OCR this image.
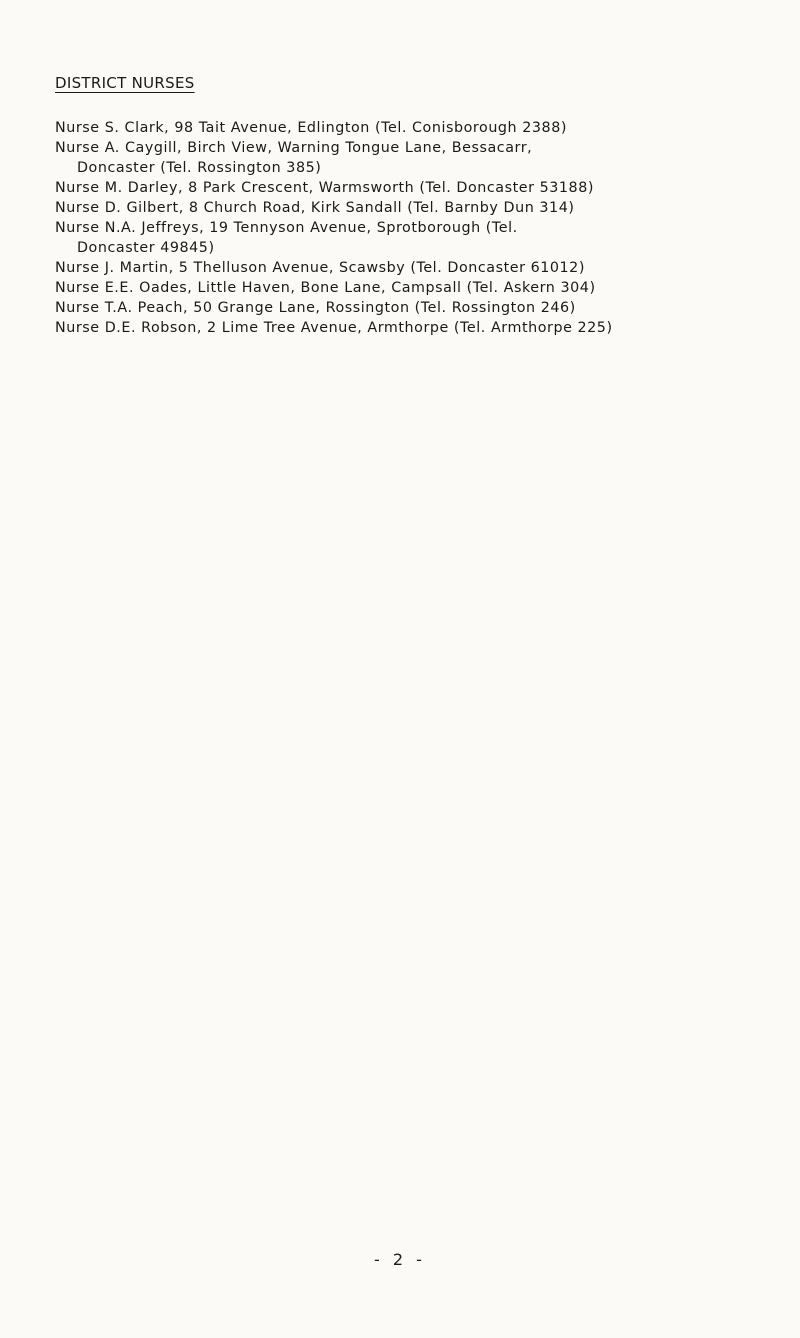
DISTRICT NURSES
Nurse S. Clark, 98 Tait Avenue, Edlington (Tel. Conisborough 2388)
Nurse A. Caygill, Birch View, Warning Tongue Lane, Bessacarr,
Doncaster (Tel. Rossington 385)
Nurse M. Darley, 8 Park Crescent, Warmsworth (Tel. Doncaster 53188)
Nurse D. Gilbert, 8 Church Road, Kirk Sandall (Tel. Barnby Dun 314)
Nurse N.A. Jeffreys, 19 Tennyson Avenue, Sprotborough (Tel.
Doncaster 49845)
Nurse J. Martin, 5 Thelluson Avenue, Scawsby (Tel. Doncaster 61012)
Nurse E.E. Oades, Little Haven, Bone Lane, Campsall (Tel. Askern 304)
Nurse T.A. Peach, 50 Grange Lane, Rossington (Tel. Rossington 246)
Nurse D.E. Robson, 2 Lime Tree Avenue, Armthorpe (Tel. Armthorpe 225)
- 2 -
